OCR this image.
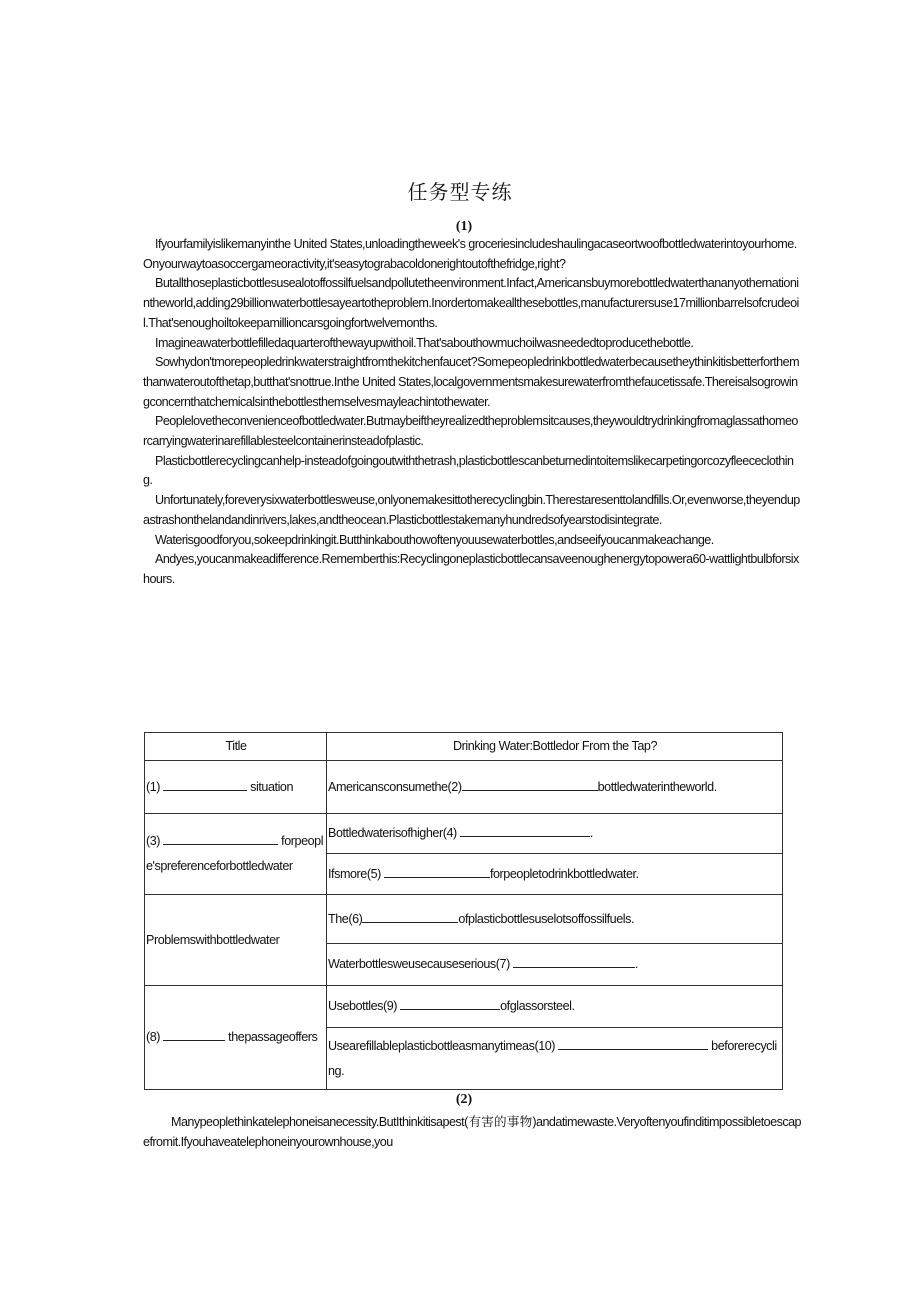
任务型专练
(1)

Ifyourfamilyislikemanyinthe United States,unloadingtheweek's groceriesincludeshaulingacaseortwoofbottledwaterintoyourhome.Onyourwaytoasoccergameoractivity,it'seasytograbacoldonerightoutofthefridge,right?

Butallthoseplasticbottlesusealotoffossilfuelsandpollutetheenvironment.Infact,Americansbuymorebottledwaterthananyothernationintheworld,adding29billionwaterbottlesayeartotheproblem.Inordertomakeallthesebottles,manufacturersuse17millionbarrelsofcrudeoil.That'senoughoiltokeepamillioncarsgoingfortwelvemonths.

Imagineawaterbottlefilledaquarterofthewayupwithoil.That'sabouthowmuchoilwasneededtoproducethebottle.

Sowhydon'tmorepeopledrinkwaterstraightfromthekitchenfaucet?Somepeopledrinkbottledwaterbecausetheythinkitisbetterforthemthanwateroutofthetap,butthat'snottrue.Inthe United States,localgovernmentsmakesurewaterfromthefaucetissafe.Thereisalsogrowingconcernthatchemicalsinthebottlesthemselvesmayleachintothewater.

Peoplelovetheconvenienceofbottledwater.Butmaybeiftheyrealizedtheproblemsitcauses,theywouldtrydrinkingfromaglassathomeorcarryingwaterinarefillablesteelcontainerinsteadofplastic.

Plasticbottlerecyclingcanhelp-insteadofgoingoutwiththetrash,plasticbottlescanbeturnedintoitemslikecarpetingorcozyfleececlothing.

Unfortunately,foreverysixwaterbottlesweuse,onlyonemakesittotherecyclingbin.Therestaresenttolandfills.Or,evenworse,theyendupastrashonthelandandinrivers,lakes,andtheocean.Plasticbottlestakemanyhundredsofyearstodisintegrate.

Waterisgoodforyou,sokeepdrinkingit.Butthinkabouthowoftenyouusewaterbottles,andseeifyoucanmakeachange.

Andyes,youcanmakeadifference.Rememberthis:Recyclingoneplasticbottlecansaveenoughenergytopowera60-wattlightbulbforsixhours.

Title	Drinking Water:Bottledor From the Tap?
(1) situation	Americansconsumethe(2) bottledwaterintheworld.
(3) forpeople'spreferenceforbottledwater	Bottledwaterisofhigher(4) .
	Ifsmore(5) forpeopletodrinkbottledwater.
Problemswithbottledwater	The(6) ofplasticbottlesuselotsoffossilfuels.
	Waterbottlesweusecauseserious(7) .
(8) thepassageoffers	Usebottles(9) ofglassorsteel.
	Usearefillableplasticbottleasmanytimeas(10) beforerecycling.
(2)

Manypeoplethinkatelephoneisanecessity.ButIthinkitisapest(有害的事物)andatimewaste.Veryoftenyoufinditimpossibletoescapefromit.Ifyouhaveatelephoneinyourownhouse,you
